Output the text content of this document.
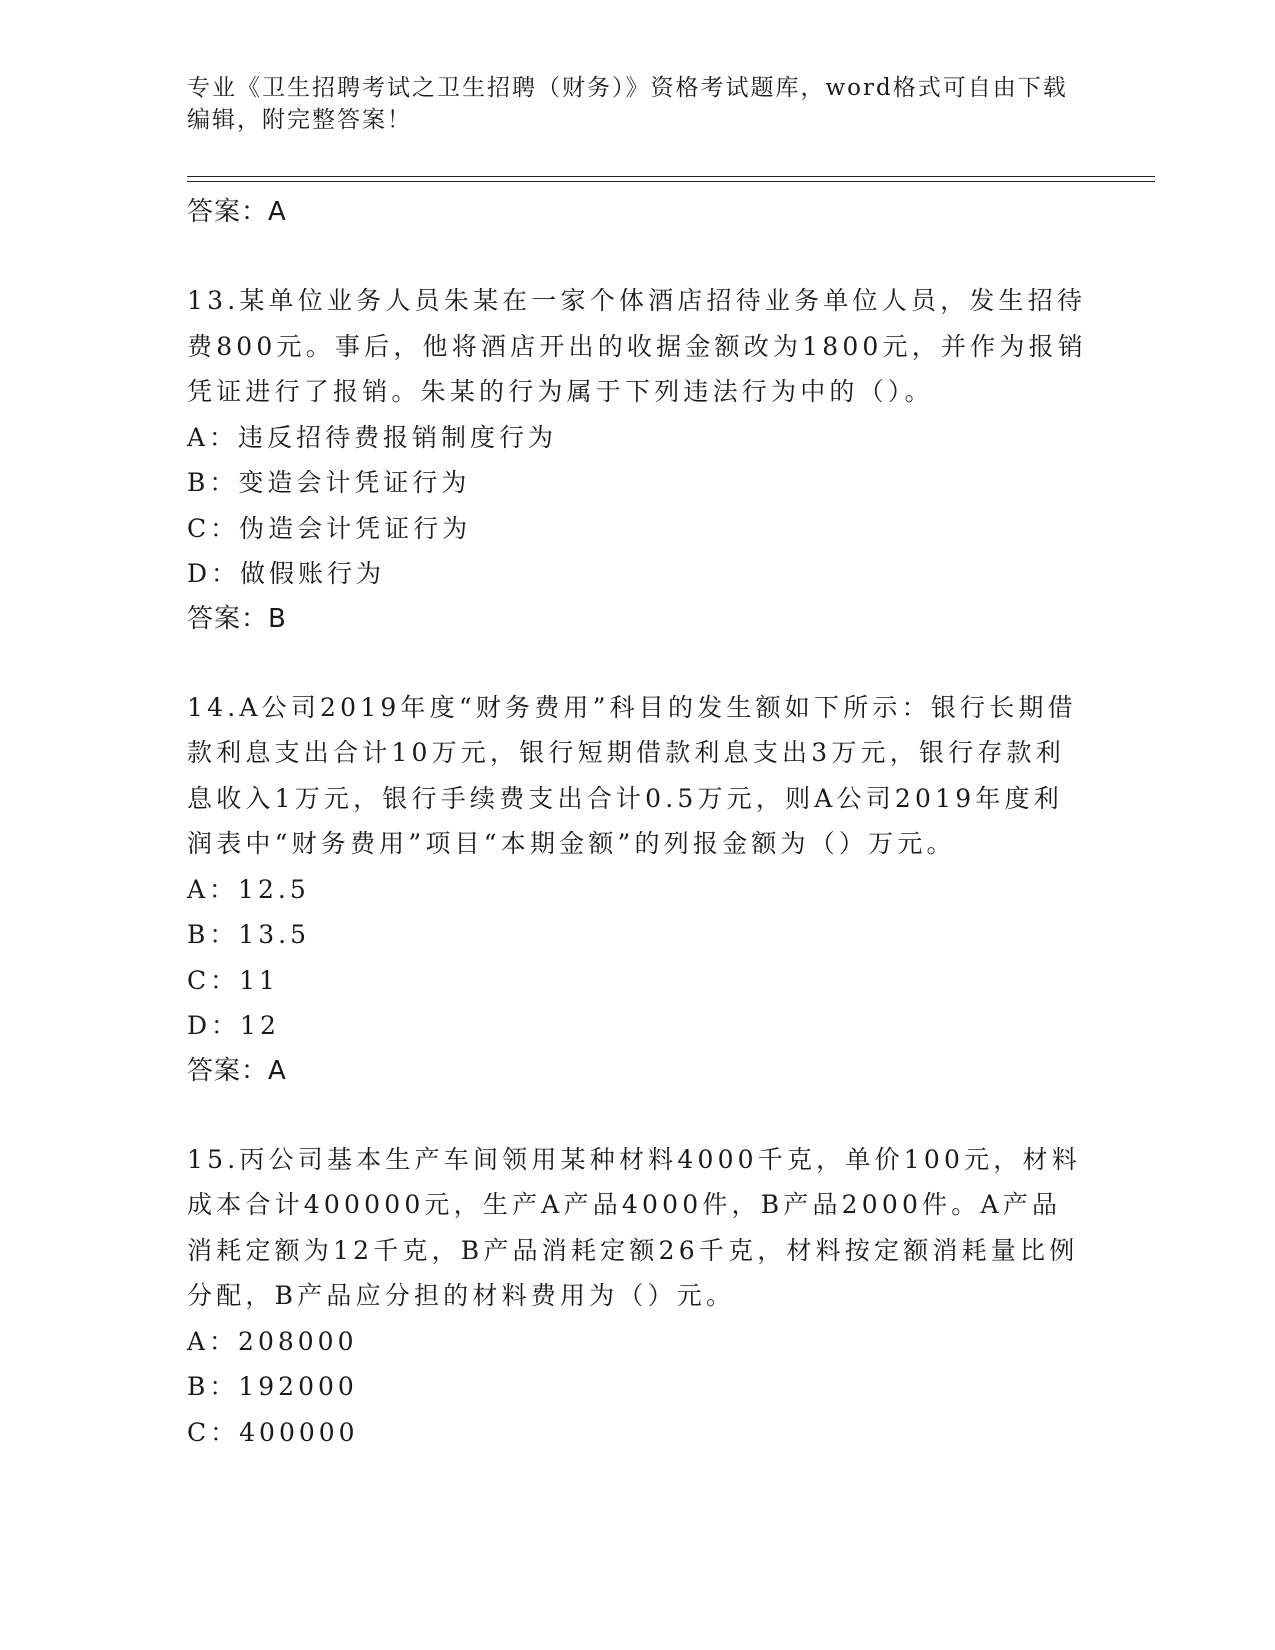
专业《卫生招聘考试之卫生招聘（财务）》资格考试题库，word格式可自由下载
编辑，附完整答案！
答案：A
13.某单位业务人员朱某在一家个体酒店招待业务单位人员，发生招待费800元。事后，他将酒店开出的收据金额改为1800元，并作为报销凭证进行了报销。朱某的行为属于下列违法行为中的（）。
A：违反招待费报销制度行为
B：变造会计凭证行为
C：伪造会计凭证行为
D：做假账行为
答案：B
14.A公司2019年度“财务费用”科目的发生额如下所示：银行长期借款利息支出合计10万元，银行短期借款利息支出3万元，银行存款利息收入1万元，银行手续费支出合计0.5万元，则A公司2019年度利润表中“财务费用”项目“本期金额”的列报金额为（）万元。
A：12.5
B：13.5
C：11
D：12
答案：A
15.丙公司基本生产车间领用某种材料4000千克，单价100元，材料成本合计400000元，生产A产品4000件，B产品2000件。A产品消耗定额为12千克，B产品消耗定额26千克，材料按定额消耗量比例分配，B产品应分担的材料费用为（）元。
A：208000
B：192000
C：400000
